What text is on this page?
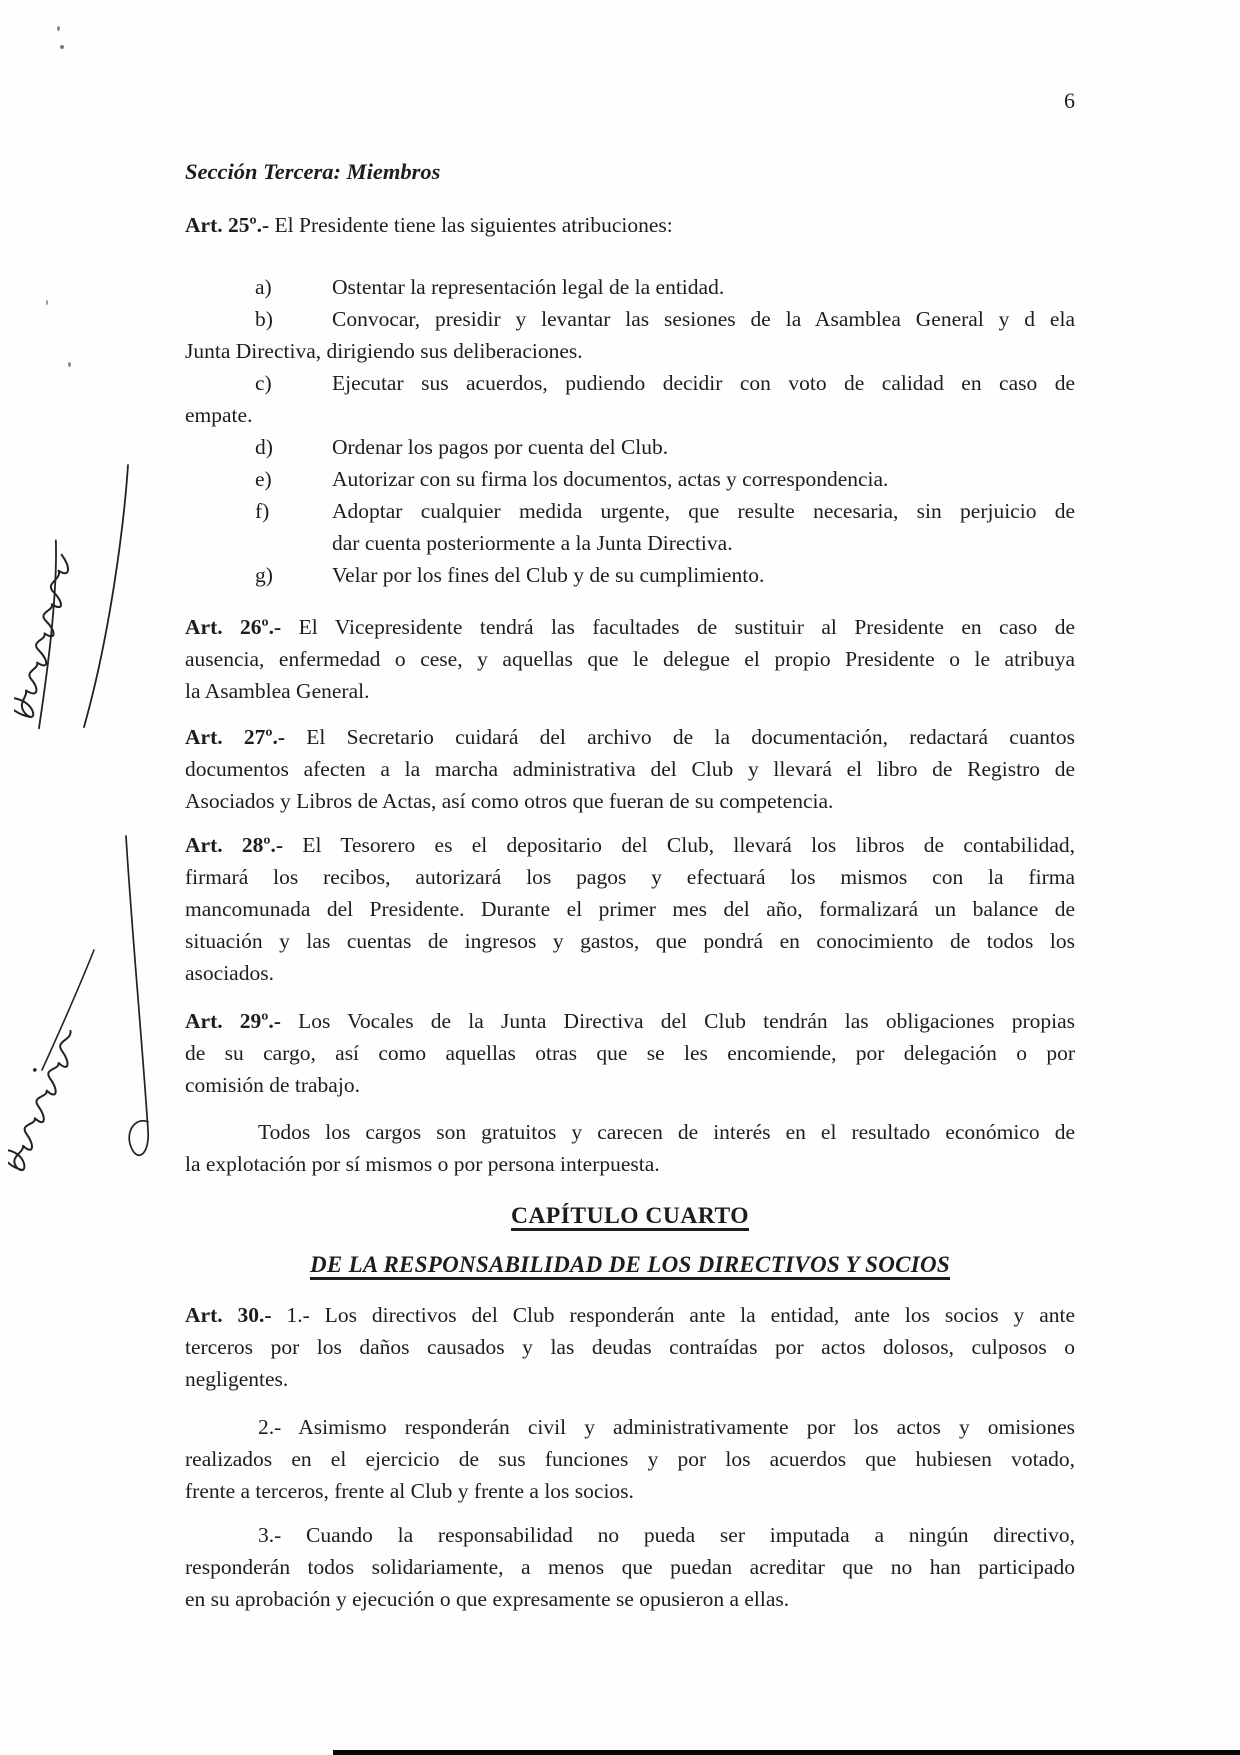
6
Sección Tercera: Miembros
Art. 25º.- El Presidente tiene las siguientes atribuciones:
a)	Ostentar la representación legal de la entidad.
b)	Convocar, presidir y levantar las sesiones de la Asamblea General y d ela
Junta Directiva, dirigiendo sus deliberaciones.
c)	Ejecutar sus acuerdos, pudiendo decidir con voto de calidad en caso de
empate.
d)	Ordenar los pagos por cuenta del Club.
e)	Autorizar con su firma los documentos, actas y correspondencia.
f)	Adoptar cualquier medida urgente, que resulte necesaria, sin perjuicio de
dar cuenta posteriormente a la Junta Directiva.
g)	Velar por los fines del Club y de su cumplimiento.
Art. 26º.- El Vicepresidente tendrá las facultades de sustituir al Presidente en caso de
ausencia, enfermedad o cese, y aquellas que le delegue el propio Presidente o le atribuya
la Asamblea General.
Art. 27º.- El Secretario cuidará del archivo de la documentación, redactará cuantos
documentos afecten a la marcha administrativa del Club y llevará el libro de Registro de
Asociados y Libros de Actas, así como otros que fueran de su competencia.
Art. 28º.- El Tesorero es el depositario del Club, llevará los libros de contabilidad,
firmará los recibos, autorizará los pagos y efectuará los mismos con la firma
mancomunada del Presidente. Durante el primer mes del año, formalizará un balance de
situación y las cuentas de ingresos y gastos, que pondrá en conocimiento de todos los
asociados.
Art. 29º.- Los Vocales de la Junta Directiva del Club tendrán las obligaciones propias
de su cargo, así como aquellas otras que se les encomiende, por delegación o por
comisión de trabajo.
Todos los cargos son gratuitos y carecen de interés en el resultado económico de
la explotación por sí mismos o por persona interpuesta.
CAPÍTULO CUARTO
DE LA RESPONSABILIDAD DE LOS DIRECTIVOS Y SOCIOS
Art. 30.- 1.- Los directivos del Club responderán ante la entidad, ante los socios y ante
terceros por los daños causados y las deudas contraídas por actos dolosos, culposos o
negligentes.
2.- Asimismo responderán civil y administrativamente por los actos y omisiones
realizados en el ejercicio de sus funciones y por los acuerdos que hubiesen votado,
frente a terceros, frente al Club y frente a los socios.
3.- Cuando la responsabilidad no pueda ser imputada a ningún directivo,
responderán todos solidariamente, a menos que puedan acreditar que no han participado
en su aprobación y ejecución o que expresamente se opusieron a ellas.
